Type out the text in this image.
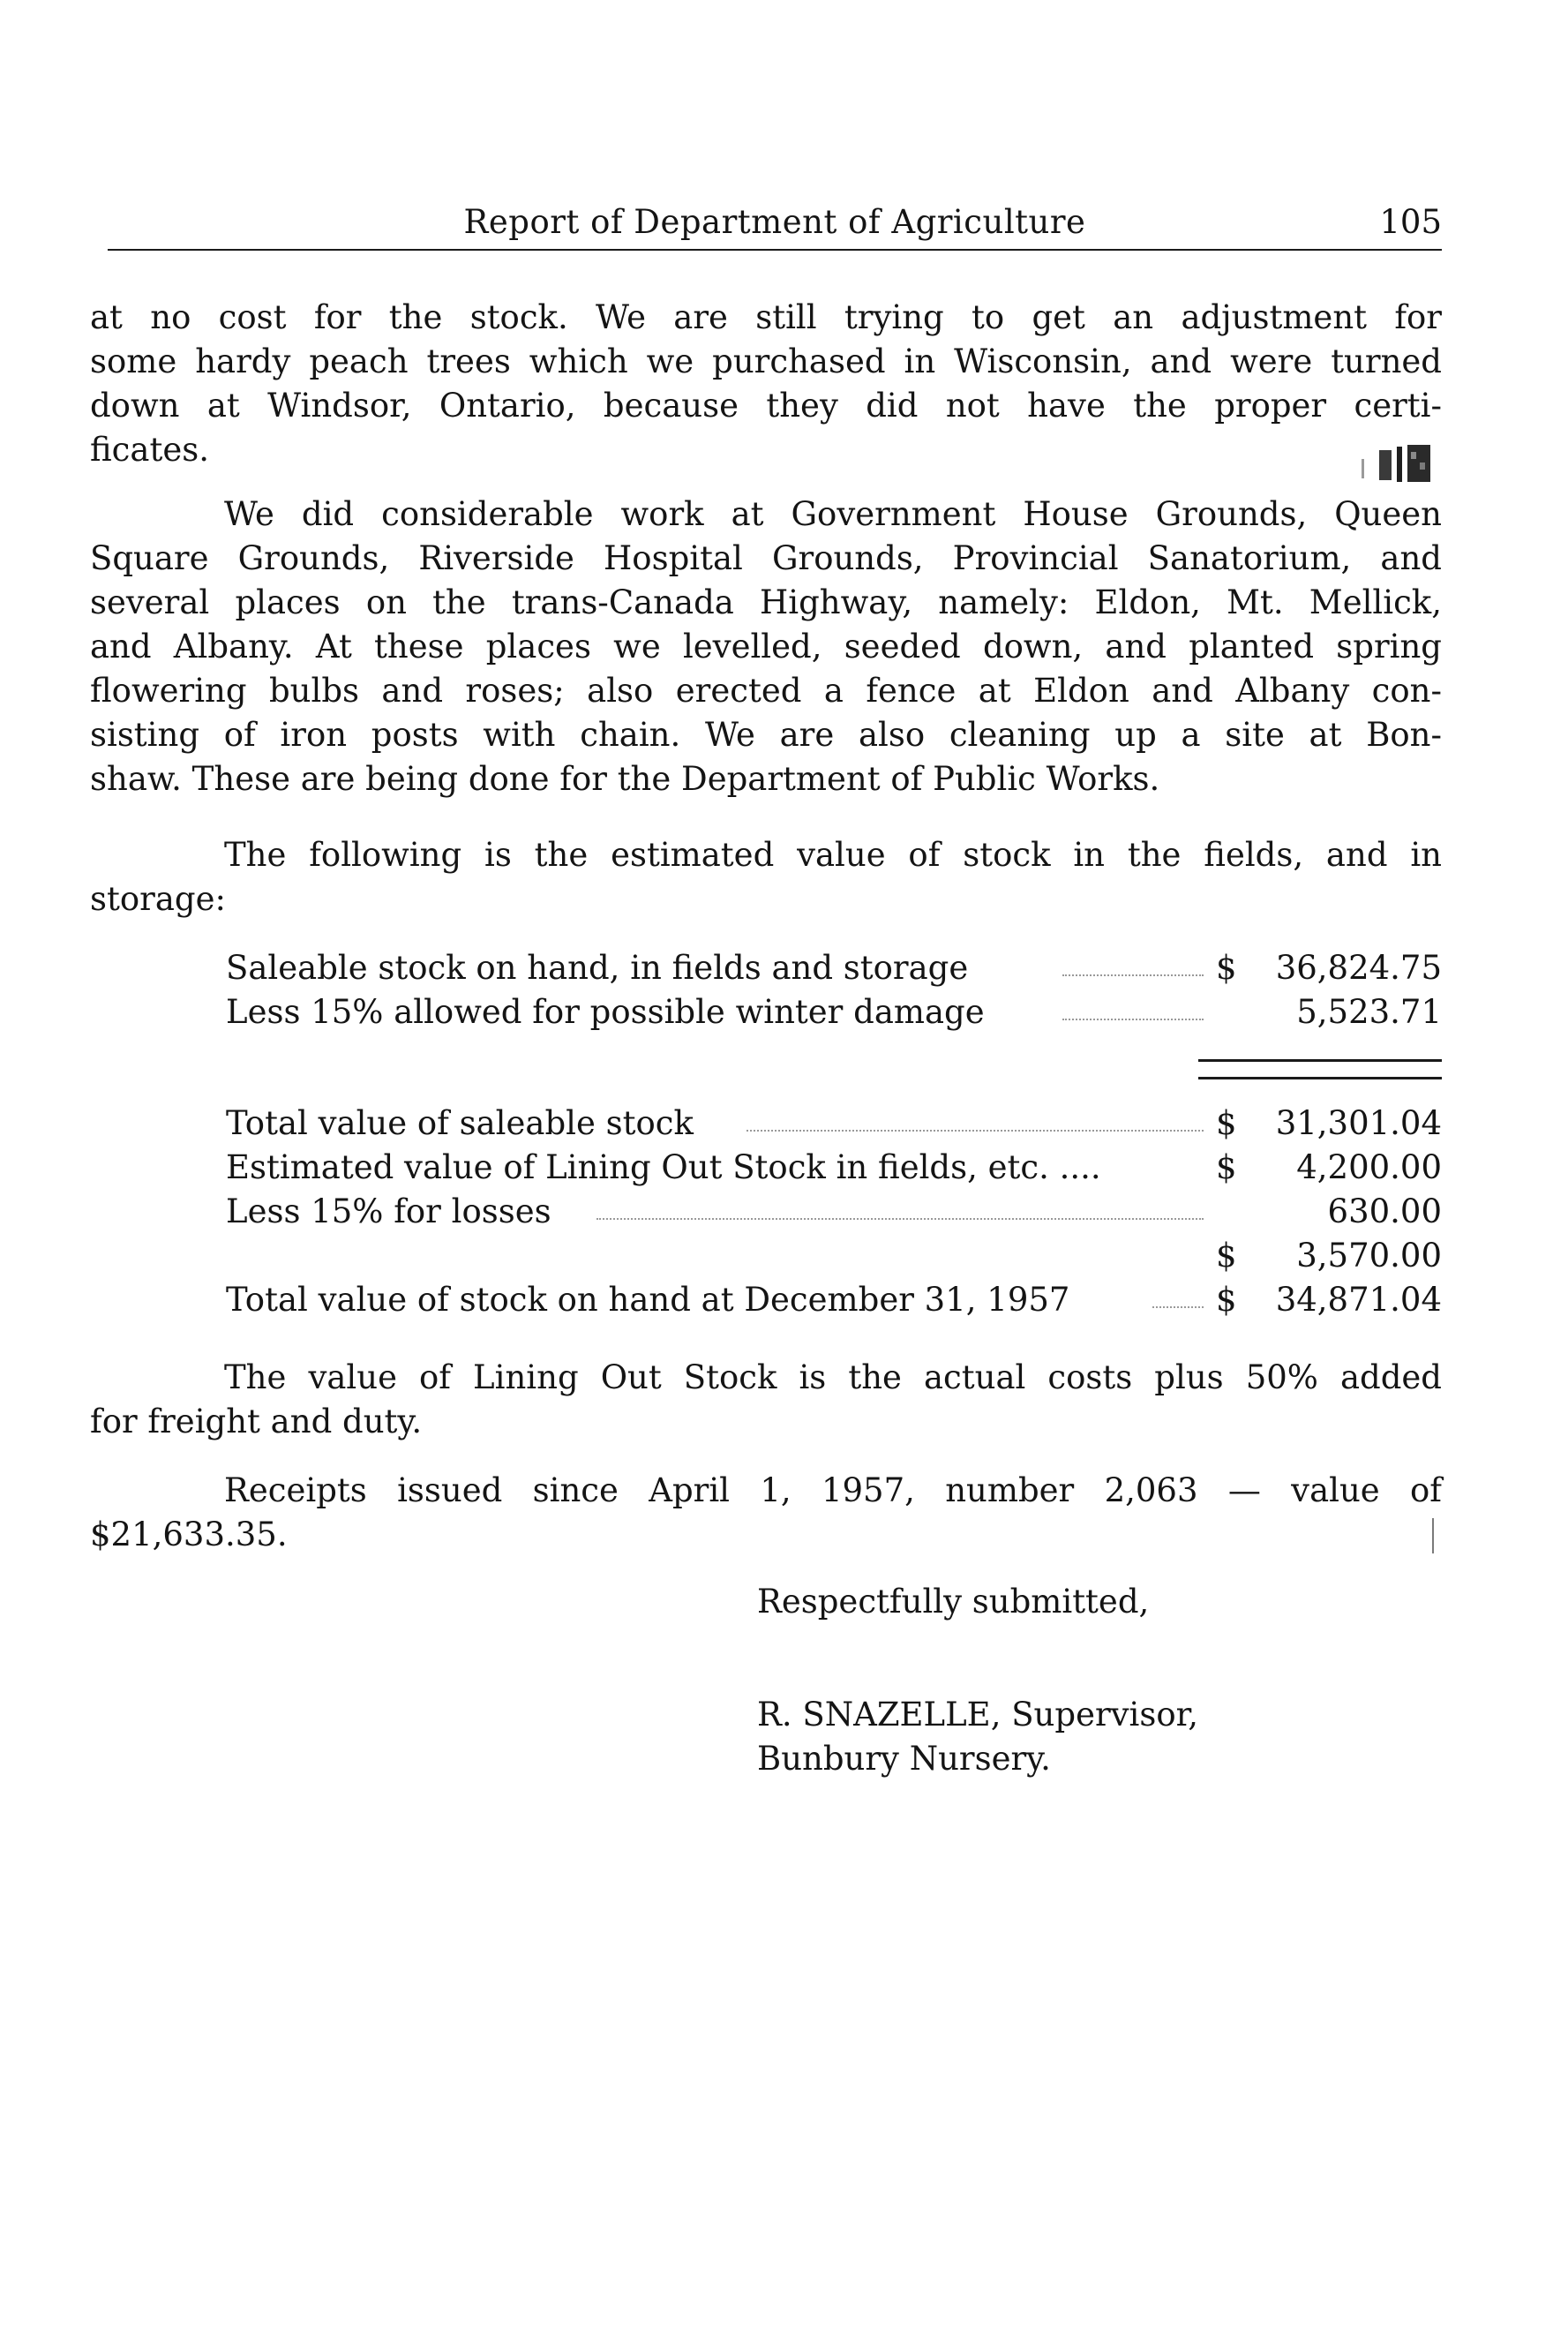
Report of Department of Agriculture	105

at no cost for the stock. We are still trying to get an adjustment for
some hardy peach trees which we purchased in Wisconsin, and were turned
down at Windsor, Ontario, because they did not have the proper certi-
ficates.

We did considerable work at Government House Grounds, Queen
Square Grounds, Riverside Hospital Grounds, Provincial Sanatorium, and
several places on the trans-Canada Highway, namely: Eldon, Mt. Mellick,
and Albany. At these places we levelled, seeded down, and planted spring
flowering bulbs and roses; also erected a fence at Eldon and Albany con-
sisting of iron posts with chain. We are also cleaning up a site at Bon-
shaw. These are being done for the Department of Public Works.

The following is the estimated value of stock in the fields, and in
storage:

Saleable stock on hand, in fields and storage	$ 36,824.75
Less 15% allowed for possible winter damage	5,523.71
Total value of saleable stock	$ 31,301.04
Estimated value of Lining Out Stock in fields, etc. ....	$ 4,200.00
Less 15% for losses	630.00
$ 3,570.00
Total value of stock on hand at December 31, 1957	$ 34,871.04

The value of Lining Out Stock is the actual costs plus 50% added
for freight and duty.

Receipts issued since April 1, 1957, number 2,063 — value of
$21,633.35.

Respectfully submitted,
R. SNAZELLE, Supervisor,
Bunbury Nursery.
